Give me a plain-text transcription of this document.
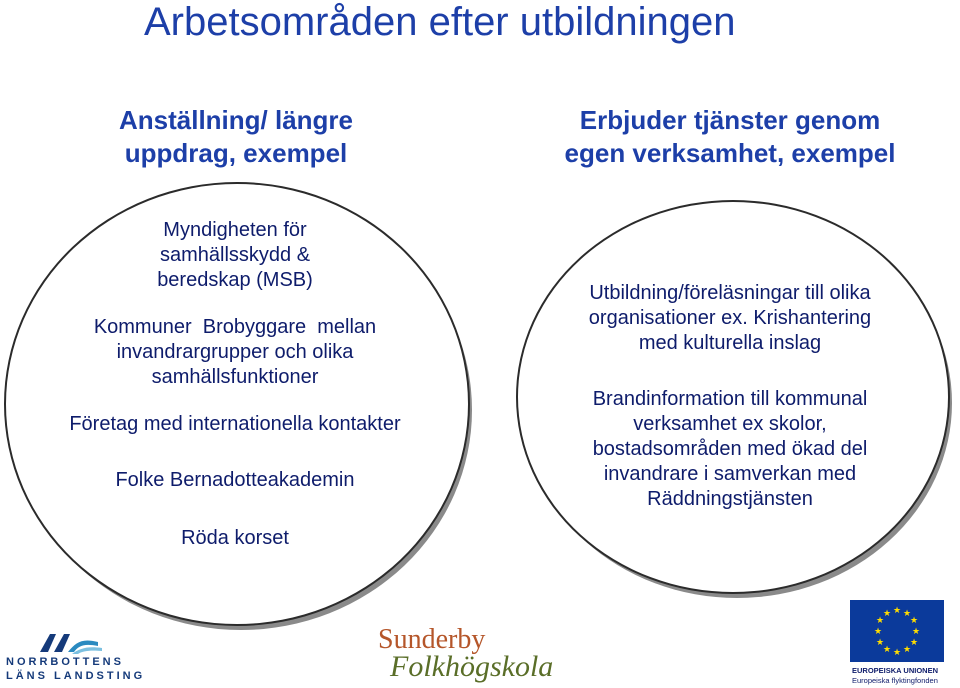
Arbetsområden efter utbildningen
Anställning/ längre
uppdrag, exempel
Erbjuder tjänster genom
egen verksamhet, exempel
Myndigheten för
samhällsskydd &
beredskap (MSB)
Kommuner  Brobyggare  mellan
invandrargrupper och olika
samhällsfunktioner
Företag med internationella kontakter
Folke Bernadotteakademin
Röda korset
Utbildning/föreläsningar till olika
organisationer ex. Krishantering
med kulturella inslag
Brandinformation till kommunal
verksamhet ex skolor,
bostadsområden med ökad del
invandrare i samverkan med
Räddningstjänsten
NORRBOTTENS
LÄNS LANDSTING
Sunderby
Folkhögskola
★ ★
★
★
★
★
★
★
★
★
★
★
EUROPEISKA UNIONEN
Europeiska flyktingfonden
